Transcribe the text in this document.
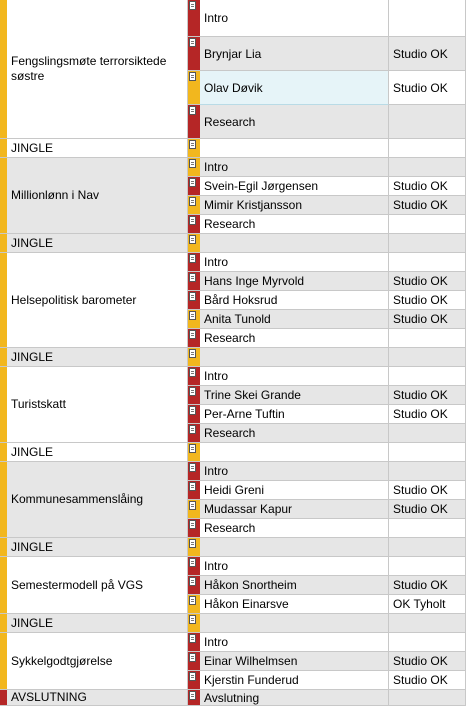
Fengslingsmøte terrorsiktede søstre
Intro
Brynjar Lia	Studio OK
Olav Døvik	Studio OK
Research
JINGLE
Millionlønn i Nav
Intro
Svein-Egil Jørgensen	Studio OK
Mimir Kristjansson	Studio OK
Research
JINGLE
Helsepolitisk barometer
Intro
Hans Inge Myrvold	Studio OK
Bård Hoksrud	Studio OK
Anita Tunold	Studio OK
Research
JINGLE
Turistskatt
Intro
Trine Skei Grande	Studio OK
Per-Arne Tuftin	Studio OK
Research
JINGLE
Kommunesammenslåing
Intro
Heidi Greni	Studio OK
Mudassar Kapur	Studio OK
Research
JINGLE
Semestermodell på VGS
Intro
Håkon Snortheim	Studio OK
Håkon Einarsve	OK Tyholt
JINGLE
Sykkelgodtgjørelse
Intro
Einar Wilhelmsen	Studio OK
Kjerstin Funderud	Studio OK
AVSLUTNING	Avslutning
